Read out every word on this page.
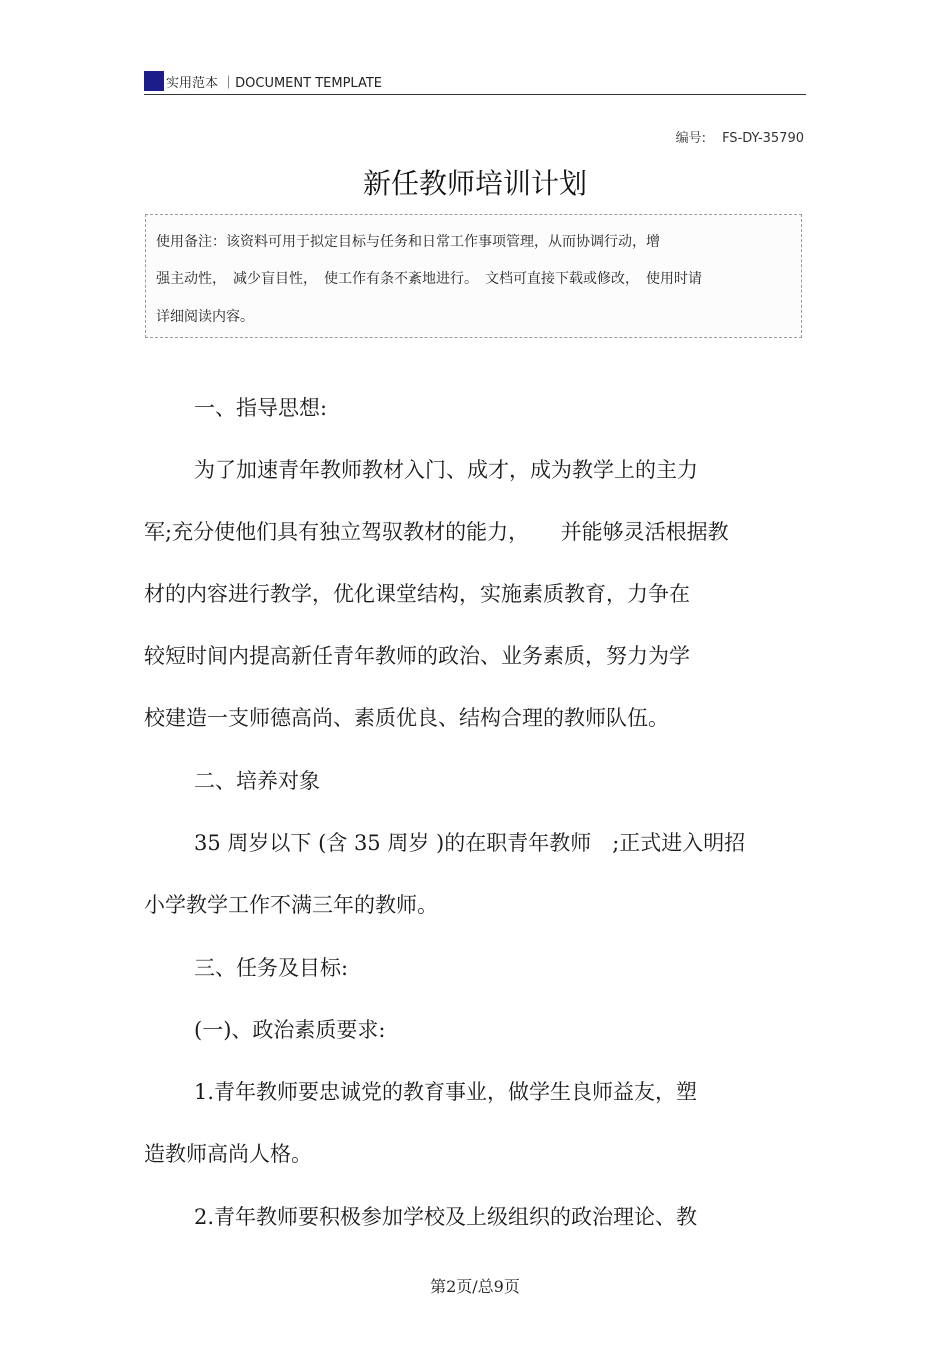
实用范本 ｜DOCUMENT TEMPLATE
编号: FS-DY-35790
新任教师培训计划
使用备注：该资料可用于拟定目标与任务和日常工作事项管理，从而协调行动，增
强主动性，　减少盲目性，　使工作有条不紊地进行。　文档可直接下载或修改，　使用时请
详细阅读内容。
一、指导思想:
为了加速青年教师教材入门、成才，成为教学上的主力
军;充分使他们具有独立驾驭教材的能力，　　并能够灵活根据教
材的内容进行教学，优化课堂结构，实施素质教育，力争在
较短时间内提高新任青年教师的政治、业务素质，努力为学
校建造一支师德高尚、素质优良、结构合理的教师队伍。
二、培养对象
35 周岁以下 (含 35 周岁 )的在职青年教师　;正式进入明招
小学教学工作不满三年的教师。
三、任务及目标:
(一)、政治素质要求:
1.青年教师要忠诚党的教育事业，做学生良师益友，塑
造教师高尚人格。
2.青年教师要积极参加学校及上级组织的政治理论、教
第2页/总9页
